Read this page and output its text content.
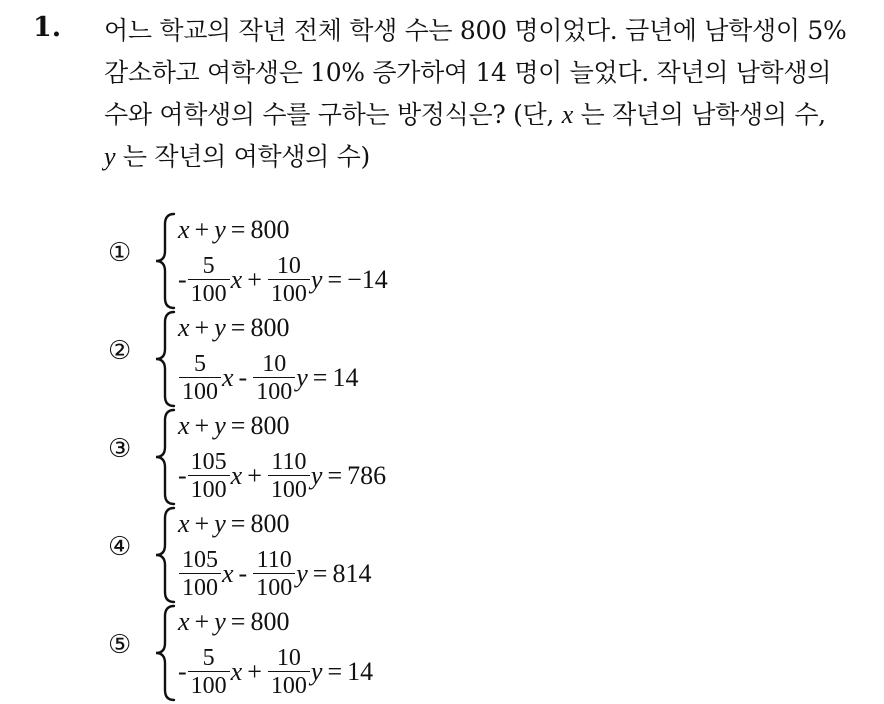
1. 어느 학교의 작년 전체 학생 수는 800 명이었다. 금년에 남학생이 5%
감소하고 여학생은 10% 증가하여 14 명이 늘었다. 작년의 남학생의
수와 여학생의 수를 구하는 방정식은? (단, x 는 작년의 남학생의 수,
y 는 작년의 여학생의 수)
①
x + y = 800
- $\frac{5}{100}$ $x + \frac{10}{100}$ y = −14
②
x + y = 800
$\frac{5}{100}$ x - $\frac{10}{100}$ y = 14
③
x + y = 800
- $\frac{105}{100}$ $x + \frac{110}{100}$ y = 786
④
x + y = 800
$\frac{105}{100}$ x - $\frac{110}{100}$ y = 814
⑤
x + y = 800
- $\frac{5}{100}$ $x + \frac{10}{100}$ y = 14
